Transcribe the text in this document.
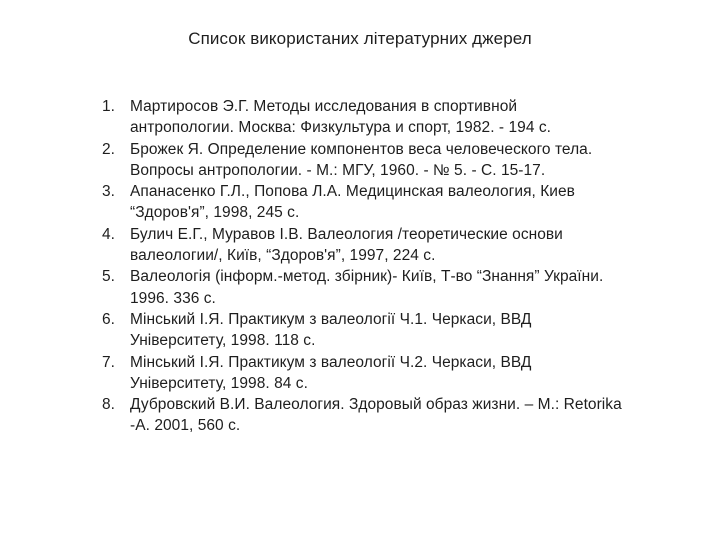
Список використаних літературних джерел
1. Мартиросов Э.Г. Методы исследования в спортивной
антропологии. Москва: Физкультура и спорт, 1982. - 194 с.
2. Брожек Я. Определение компонентов веса человеческого тела.
Вопросы антропологии. - М.: МГУ, 1960. - № 5. - С. 15-17.
3. Апанасенко Г.Л., Попова Л.А. Медицинская валеология, Киев
“Здоров'я”, 1998, 245 с.
4. Булич Е.Г., Муравов І.В. Валеология /теоретические основи
валеологии/, Київ, “Здоров'я”, 1997, 224 с.
5. Валеологія (інформ.-метод. збірник)- Київ, Т-во “Знання” України.
1996. 336 с.
6. Мінський І.Я. Практикум з валеології Ч.1. Черкаси, ВВД
Університету, 1998. 118 с.
7. Мінський І.Я. Практикум з валеології Ч.2. Черкаси, ВВД
Університету, 1998. 84 с.
8. Дубровский В.И. Валеология. Здоровый образ жизни. – М.: Retorika
-А. 2001, 560 с.
